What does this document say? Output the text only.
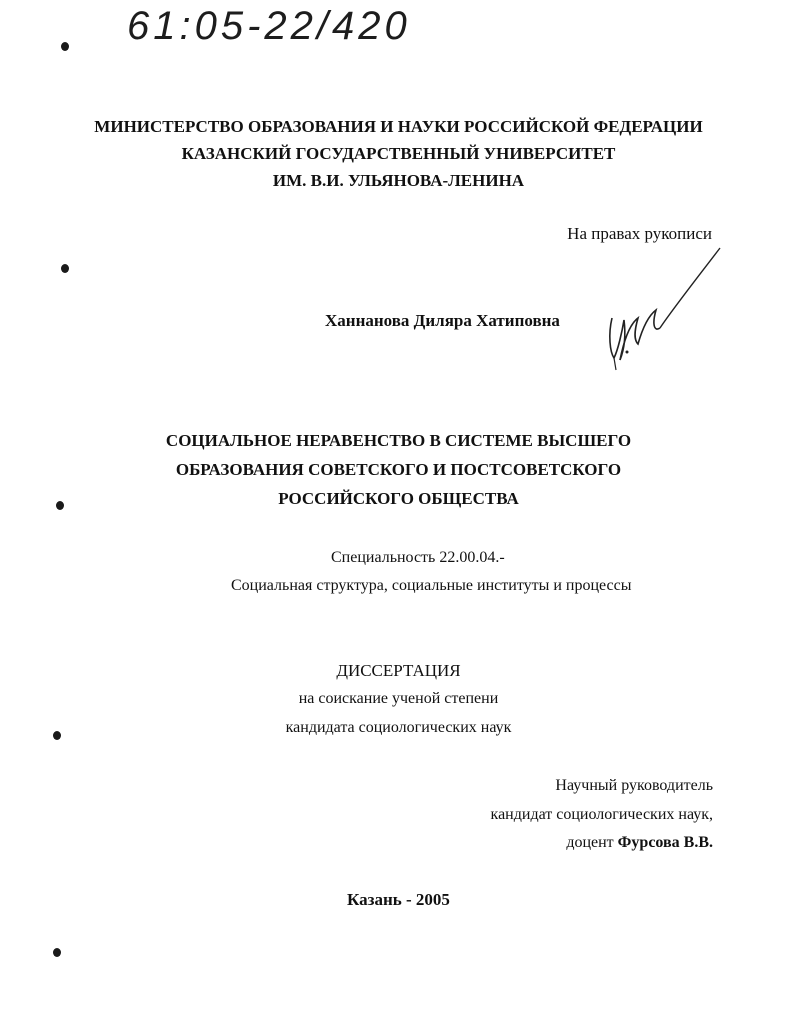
61:05-22/420
МИНИСТЕРСТВО ОБРАЗОВАНИЯ И НАУКИ РОССИЙСКОЙ ФЕДЕРАЦИИ
КАЗАНСКИЙ ГОСУДАРСТВЕННЫЙ УНИВЕРСИТЕТ
ИМ. В.И. УЛЬЯНОВА-ЛЕНИНА
На правах рукописи
Ханнанова Диляра Хатиповна
СОЦИАЛЬНОЕ НЕРАВЕНСТВО В СИСТЕМЕ ВЫСШЕГО
ОБРАЗОВАНИЯ СОВЕТСКОГО И ПОСТСОВЕТСКОГО
РОССИЙСКОГО ОБЩЕСТВА
Специальность 22.00.04.-
Социальная структура, социальные институты и процессы
ДИССЕРТАЦИЯ
на соискание ученой степени
кандидата социологических наук
Научный руководитель
кандидат социологических наук,
доцент Фурсова В.В.
Казань - 2005
